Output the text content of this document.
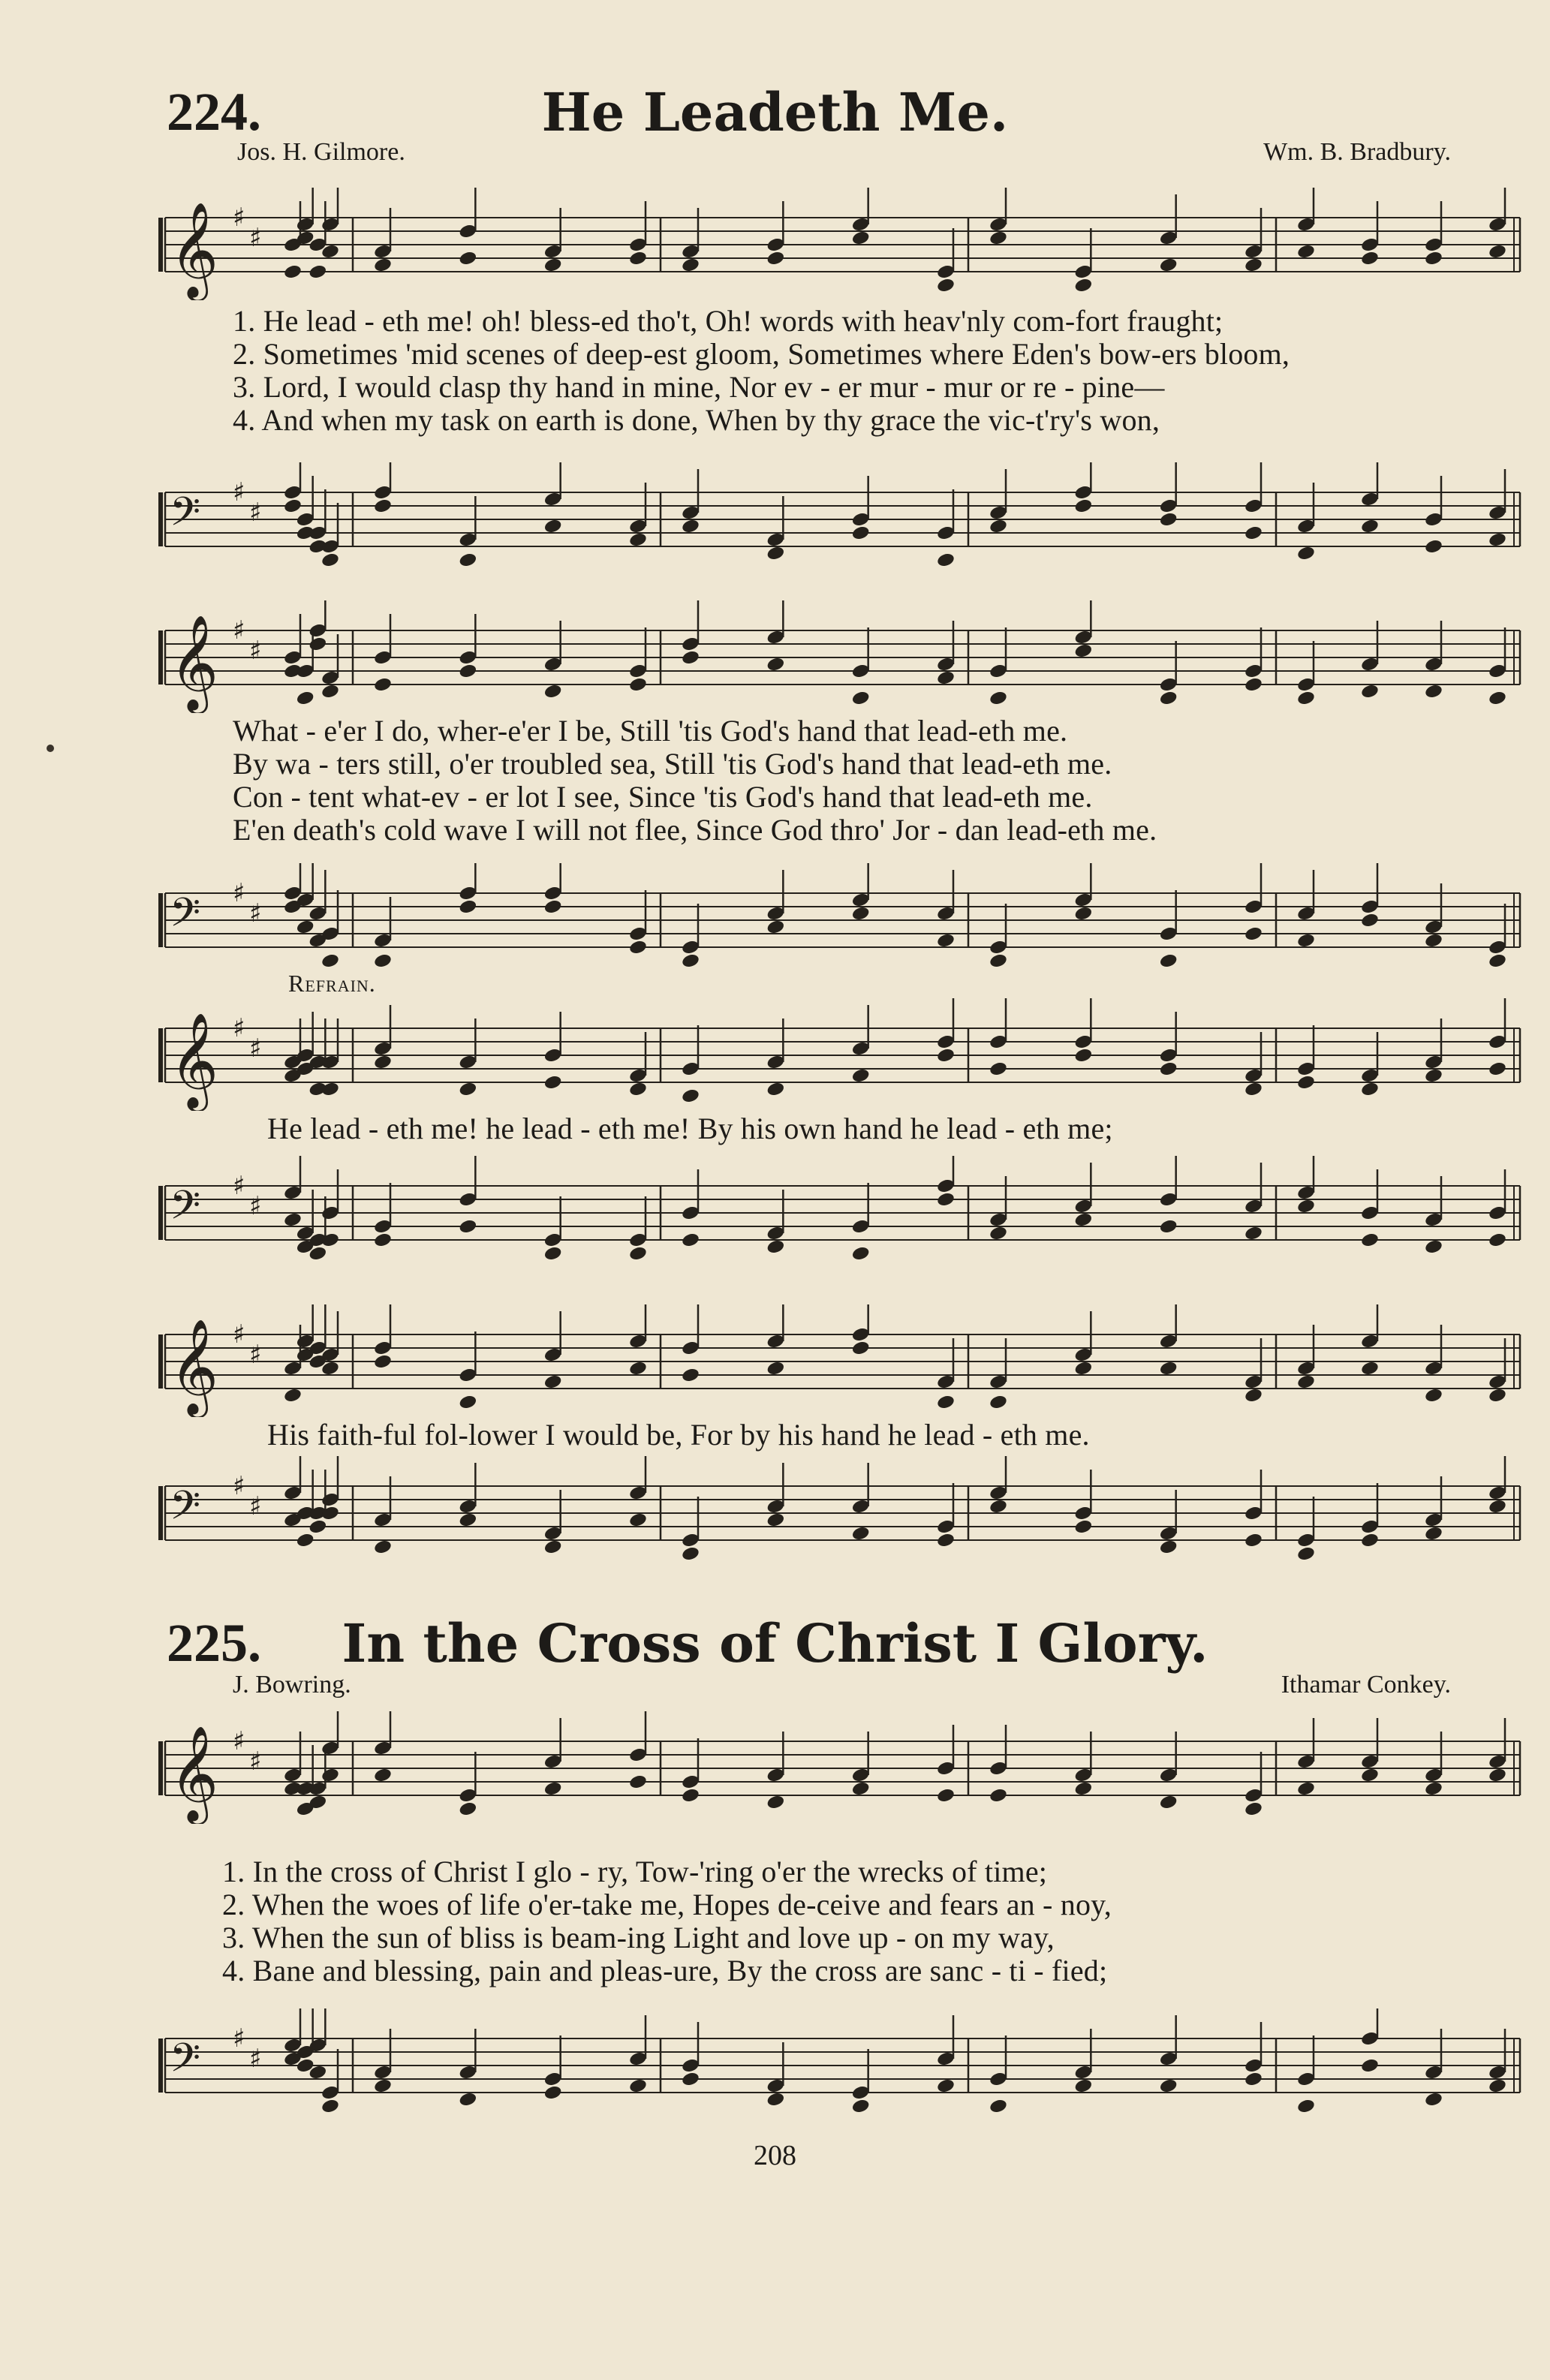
224.	He Leadeth Me.
Jos. H. Gilmore.	Wm. B. Bradbury.
𝄞 ♯
♯
1. He lead - eth me! oh! bless-ed tho't, Oh! words with heav'nly com-fort fraught;
2. Sometimes 'mid scenes of deep-est gloom, Sometimes where Eden's bow-ers bloom,
3. Lord, I would clasp thy hand in mine, Nor ev - er mur - mur or re - pine—
4. And when my task on earth is done, When by thy grace the vic-t'ry's won,
𝄢 ♯
♯
𝄞 ♯
♯
What - e'er I do, wher-e'er I be, Still 'tis God's hand that lead-eth me.
By wa - ters still, o'er troubled sea, Still 'tis God's hand that lead-eth me.
Con - tent what-ev - er lot I see, Since 'tis God's hand that lead-eth me.
E'en death's cold wave I will not flee, Since God thro' Jor - dan lead-eth me.
𝄢 ♯
♯
Refrain.
𝄞 ♯
♯
He lead - eth me! he lead - eth me! By his own hand he lead - eth me;
𝄢 ♯
♯
𝄞 ♯
♯
His faith-ful fol-lower I would be, For by his hand he lead - eth me.
𝄢 ♯
♯
225.	In the Cross of Christ I Glory.
J. Bowring.	Ithamar Conkey.
𝄞 ♯
♯
1. In the cross of Christ I glo - ry, Tow-'ring o'er the wrecks of time;
2. When the woes of life o'er-take me, Hopes de-ceive and fears an - noy,
3. When the sun of bliss is beam-ing Light and love up - on my way,
4. Bane and blessing, pain and pleas-ure, By the cross are sanc - ti - fied;
𝄢 ♯
♯
208
